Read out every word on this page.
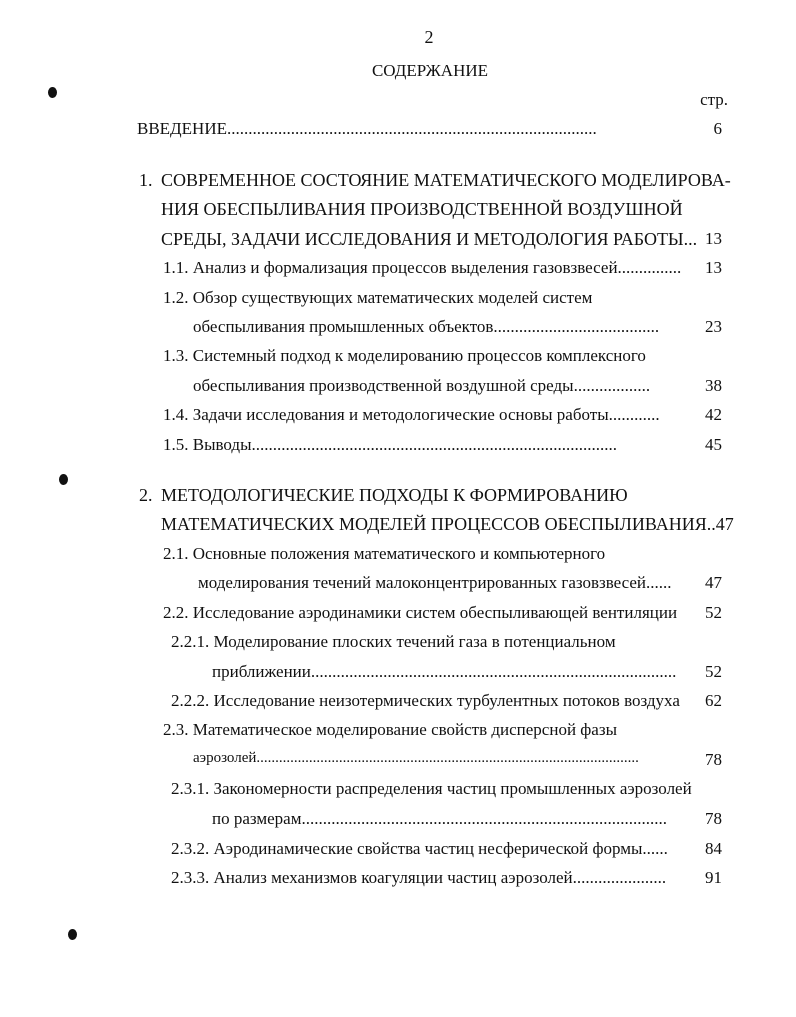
2
СОДЕРЖАНИЕ
стр.
ВВЕДЕНИЕ.......................................................................................	6
1. СОВРЕМЕННОЕ СОСТОЯНИЕ МАТЕМАТИЧЕСКОГО МОДЕЛИРОВА-
НИЯ ОБЕСПЫЛИВАНИЯ ПРОИЗВОДСТВЕННОЙ ВОЗДУШНОЙ
СРЕДЫ, ЗАДАЧИ ИССЛЕДОВАНИЯ И МЕТОДОЛОГИЯ РАБОТЫ... 13
1.1. Анализ и формализация процессов выделения газовзвесей............... 13
1.2. Обзор существующих математических моделей систем
обеспыливания промышленных объектов.......................................	23
1.3. Системный подход к моделированию процессов комплексного
обеспыливания производственной воздушной среды..................	38
1.4. Задачи исследования и методологические основы работы............	42
1.5. Выводы......................................................................................	45
2. МЕТОДОЛОГИЧЕСКИЕ ПОДХОДЫ К ФОРМИРОВАНИЮ
МАТЕМАТИЧЕСКИХ МОДЕЛЕЙ ПРОЦЕССОВ ОБЕСПЫЛИВАНИЯ..47
2.1. Основные положения математического и компьютерного
моделирования течений малоконцентрированных газовзвесей...... 47
2.2. Исследование аэродинамики систем обеспыливающей вентиляции 52
2.2.1. Моделирование плоских течений газа в потенциальном
приближении...................................................................................... 52
2.2.2. Исследование неизотермических турбулентных потоков воздуха 62
2.3. Математическое моделирование свойств дисперсной фазы
аэрозолей......................................................................................................	78
2.3.1. Закономерности распределения частиц промышленных аэрозолей
по размерам...................................................................................... 78
2.3.2. Аэродинамические свойства частиц несферической формы...... 84
2.3.3. Анализ механизмов коагуляции частиц аэрозолей...................... 91
